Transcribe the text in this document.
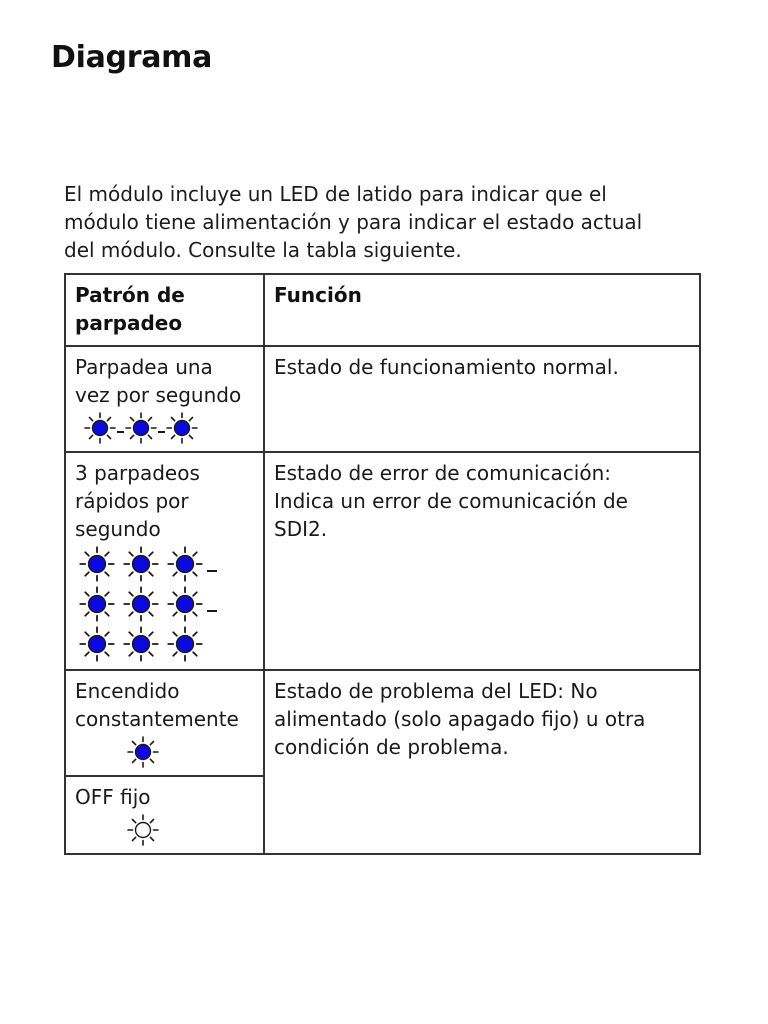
Diagrama

El módulo incluye un LED de latido para indicar que el
módulo tiene alimentación y para indicar el estado actual
del módulo. Consulte la tabla siguiente.

Patrón de
parpadeo	Función

Parpadea una
vez por segundo	Estado de funcionamiento normal.

3 parpadeos
rápidos por
segundo	Estado de error de comunicación:
Indica un error de comunicación de
SDI2.

Encendido
constantemente	Estado de problema del LED: No
alimentado (solo apagado fijo) u otra
condición de problema.

OFF fijo	
